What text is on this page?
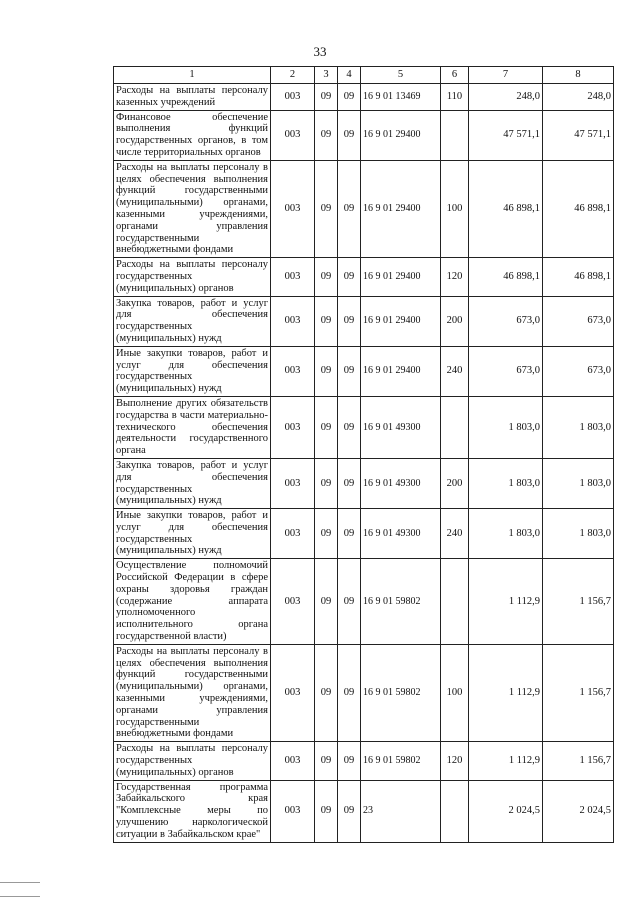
33
1	2	3	4	5	6	7	8
Расходы на выплаты персоналу казенных учреждений	003	09	09	16 9 01 13469	110	248,0	248,0
Финансовое обеспечение выполнения функций государственных органов, в том числе территориальных органов	003	09	09	16 9 01 29400		47 571,1	47 571,1
Расходы на выплаты персоналу в целях обеспечения выполнения функций государственными (муниципальными) органами, казенными учреждениями, органами управления государственными внебюджетными фондами	003	09	09	16 9 01 29400	100	46 898,1	46 898,1
Расходы на выплаты персоналу государственных (муниципальных) органов	003	09	09	16 9 01 29400	120	46 898,1	46 898,1
Закупка товаров, работ и услуг для обеспечения государственных (муниципальных) нужд	003	09	09	16 9 01 29400	200	673,0	673,0
Иные закупки товаров, работ и услуг для обеспечения государственных (муниципальных) нужд	003	09	09	16 9 01 29400	240	673,0	673,0
Выполнение других обязательств государства в части материально-технического обеспечения деятельности государственного органа	003	09	09	16 9 01 49300		1 803,0	1 803,0
Закупка товаров, работ и услуг для обеспечения государственных (муниципальных) нужд	003	09	09	16 9 01 49300	200	1 803,0	1 803,0
Иные закупки товаров, работ и услуг для обеспечения государственных (муниципальных) нужд	003	09	09	16 9 01 49300	240	1 803,0	1 803,0
Осуществление полномочий Российской Федерации в сфере охраны здоровья граждан (содержание аппарата уполномоченного исполнительного органа государственной власти)	003	09	09	16 9 01 59802		1 112,9	1 156,7
Расходы на выплаты персоналу в целях обеспечения выполнения функций государственными (муниципальными) органами, казенными учреждениями, органами управления государственными внебюджетными фондами	003	09	09	16 9 01 59802	100	1 112,9	1 156,7
Расходы на выплаты персоналу государственных (муниципальных) органов	003	09	09	16 9 01 59802	120	1 112,9	1 156,7
Государственная программа Забайкальского края "Комплексные меры по улучшению наркологической ситуации в Забайкальском крае"	003	09	09	23		2 024,5	2 024,5
